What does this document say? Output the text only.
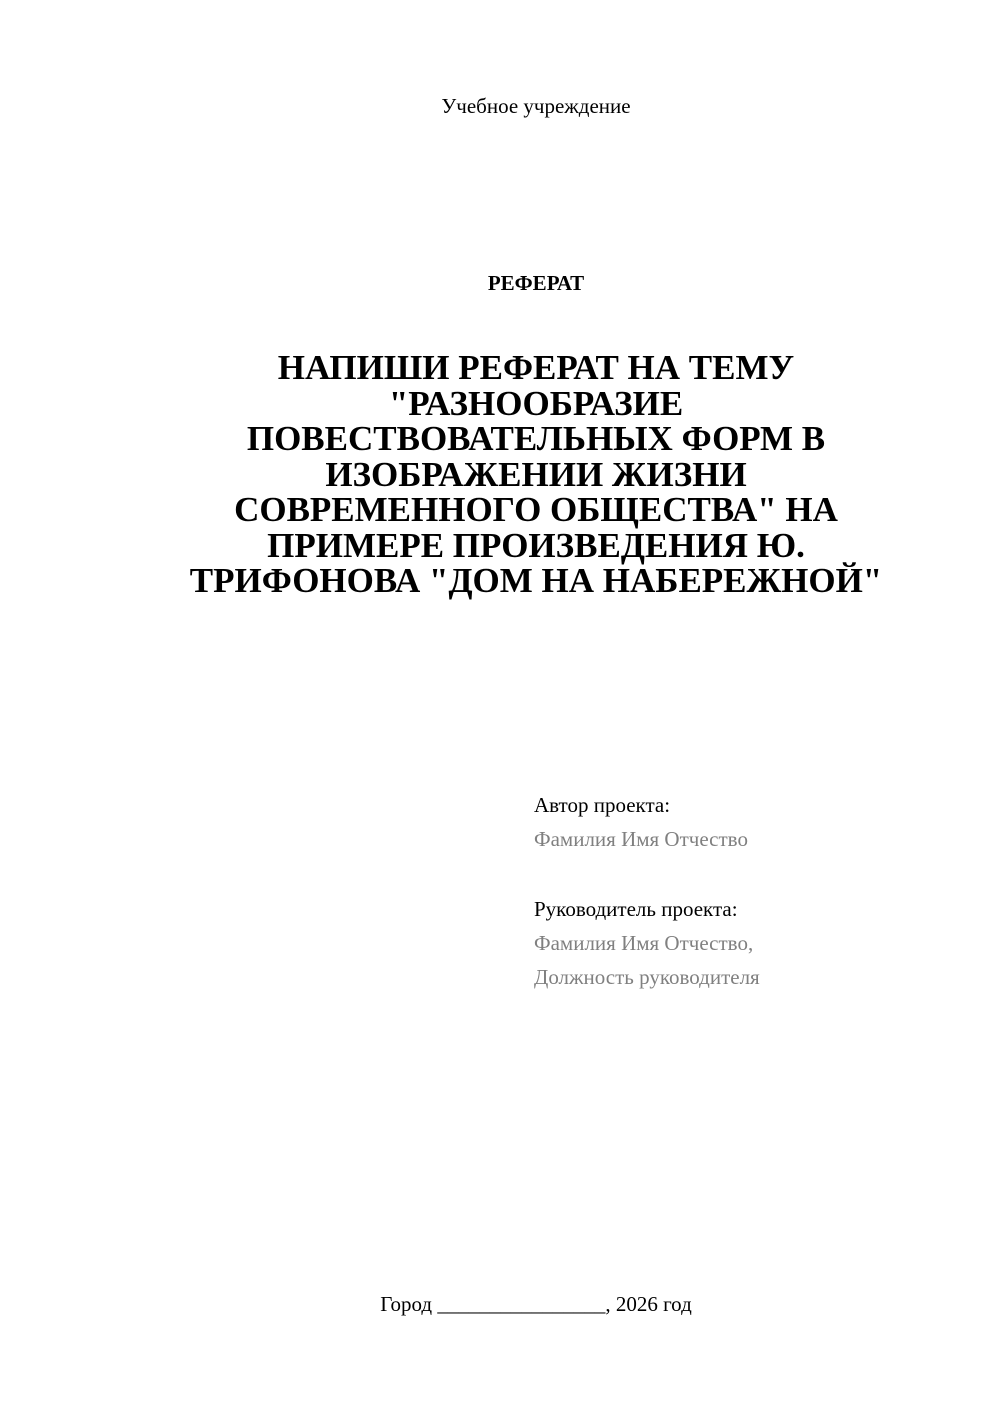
Учебное учреждение
РЕФЕРАТ
НАПИШИ РЕФЕРАТ НА ТЕМУ
"РАЗНООБРАЗИЕ
ПОВЕСТВОВАТЕЛЬНЫХ ФОРМ В
ИЗОБРАЖЕНИИ ЖИЗНИ
СОВРЕМЕННОГО ОБЩЕСТВА" НА
ПРИМЕРЕ ПРОИЗВЕДЕНИЯ Ю.
ТРИФОНОВА "ДОМ НА НАБЕРЕЖНОЙ"
Автор проекта:
Фамилия Имя Отчество
Руководитель проекта:
Фамилия Имя Отчество,
Должность руководителя
Город ________________, 2026 год
